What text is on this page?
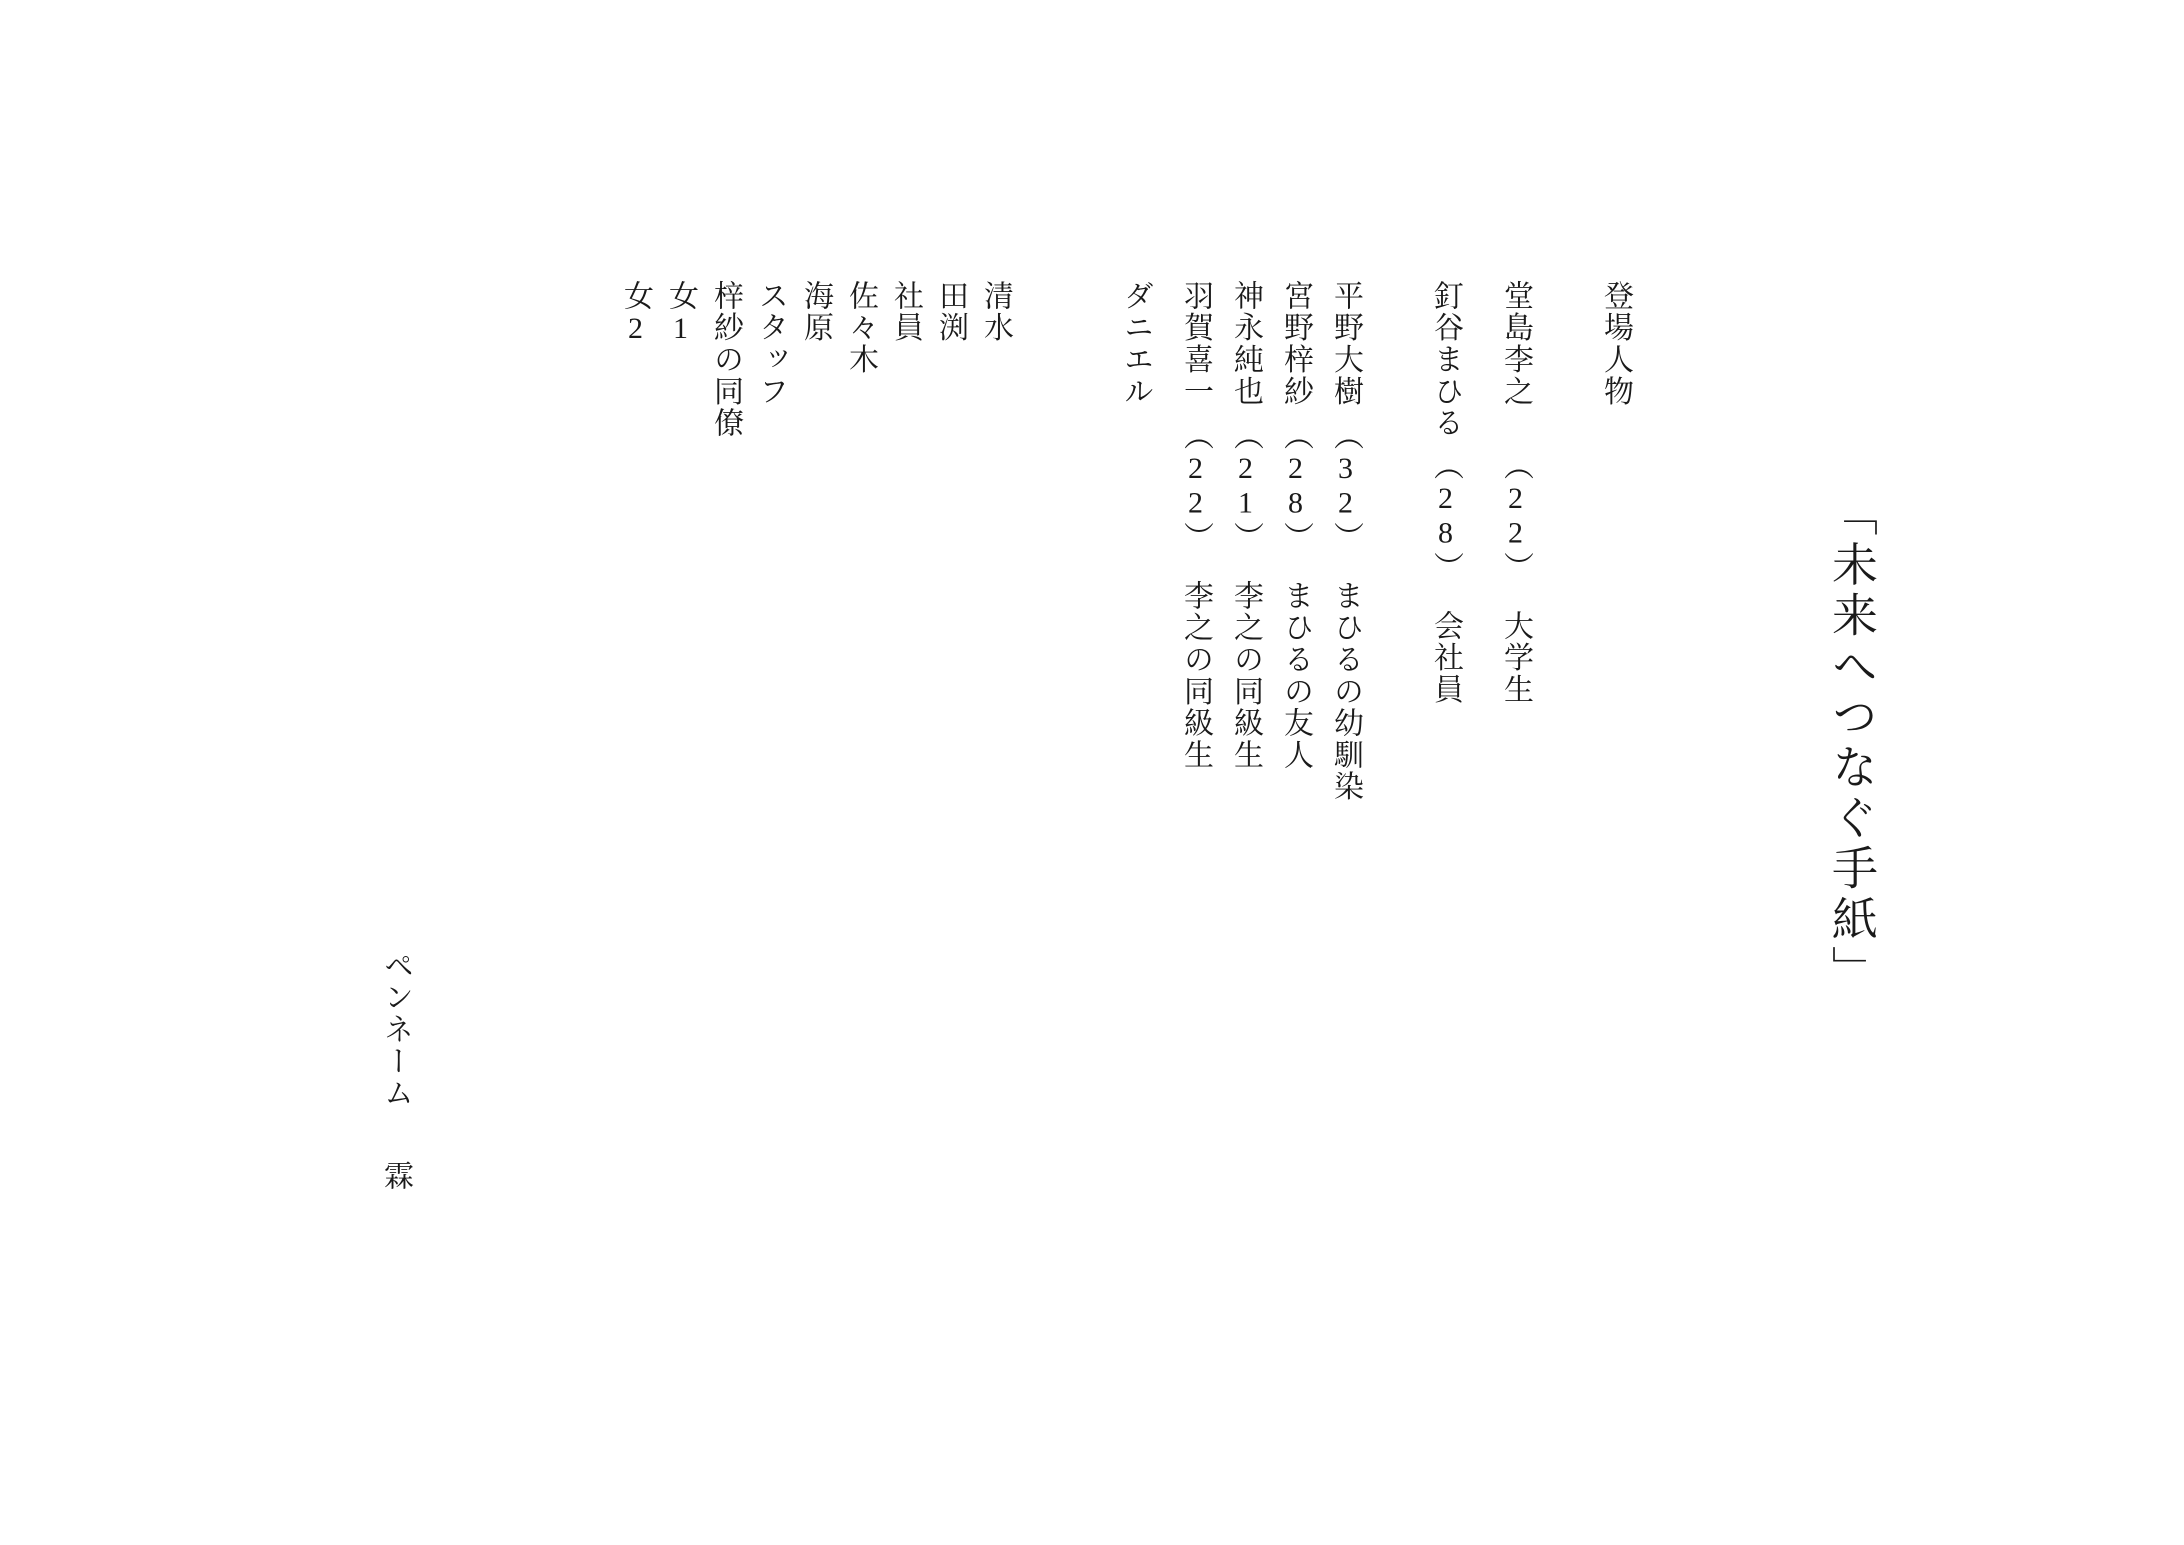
「未来へつなぐ手紙」
登場人物
堂島李之
（22）
大学生
釘谷まひる
（28）
会社員
平野大樹
（32）
まひるの幼馴染
宮野梓紗
（28）
まひるの友人
神永純也
（21）
李之の同級生
羽賀喜一
（22）
李之の同級生
ダニエル
清水
田渕
社員
佐々木
海原
スタッフ
梓紗の同僚
女1
女2
ペンネーム
霖
